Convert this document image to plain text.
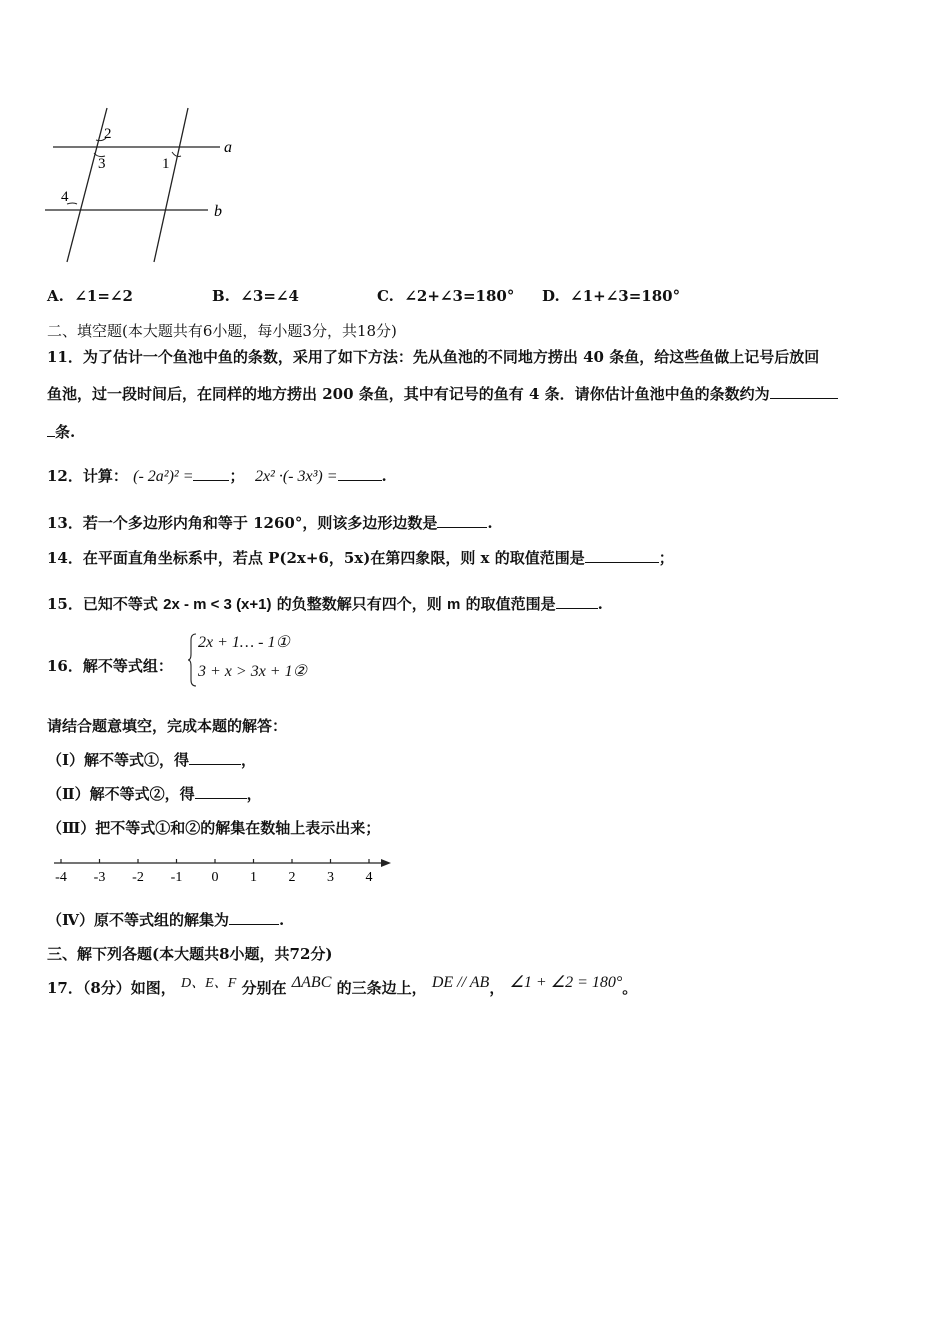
2
3	1
4
a
b
A. ∠1=∠2	B. ∠3=∠4	C. ∠2+∠3=180° D. ∠1+∠3=180°
二、填空题(本大题共有6小题，每小题3分，共18分)
11．为了估计一个鱼池中鱼的条数，采用了如下方法：先从鱼池的不同地方捞出 40 条鱼，给这些鱼做上记号后放回
鱼池，过一段时间后，在同样的地方捞出 200 条鱼，其中有记号的鱼有 4 条．请你估计鱼池中鱼的条数约为
条.
12．计算： (- 2a²)² = ； 2x² ·(- 3x³) =	.
13．若一个多边形内角和等于 1260°，则该多边形边数是	.
14．在平面直角坐标系中，若点 P(2x+6，5x)在第四象限，则 x 的取值范围是	；
15．已知不等式 2x - m < 3 (x+1) 的负整数解只有四个，则 m 的取值范围是	.
16．解不等式组：
2x + 1… - 1①
3 + x > 3x + 1②
请结合题意填空，完成本题的解答：
（Ⅰ）解不等式①，得	，
（Ⅱ）解不等式②，得	，
（Ⅲ）把不等式①和②的解集在数轴上表示出来；
-4 -3 -2 -1 0 1 2 3 4
（Ⅳ）原不等式组的解集为	.
三、解下列各题(本大题共8小题，共72分)
17．（8分）如图， D、E、F 分别在 ΔABC 的三条边上， DE // AB， ∠1 + ∠2 = 180°。
